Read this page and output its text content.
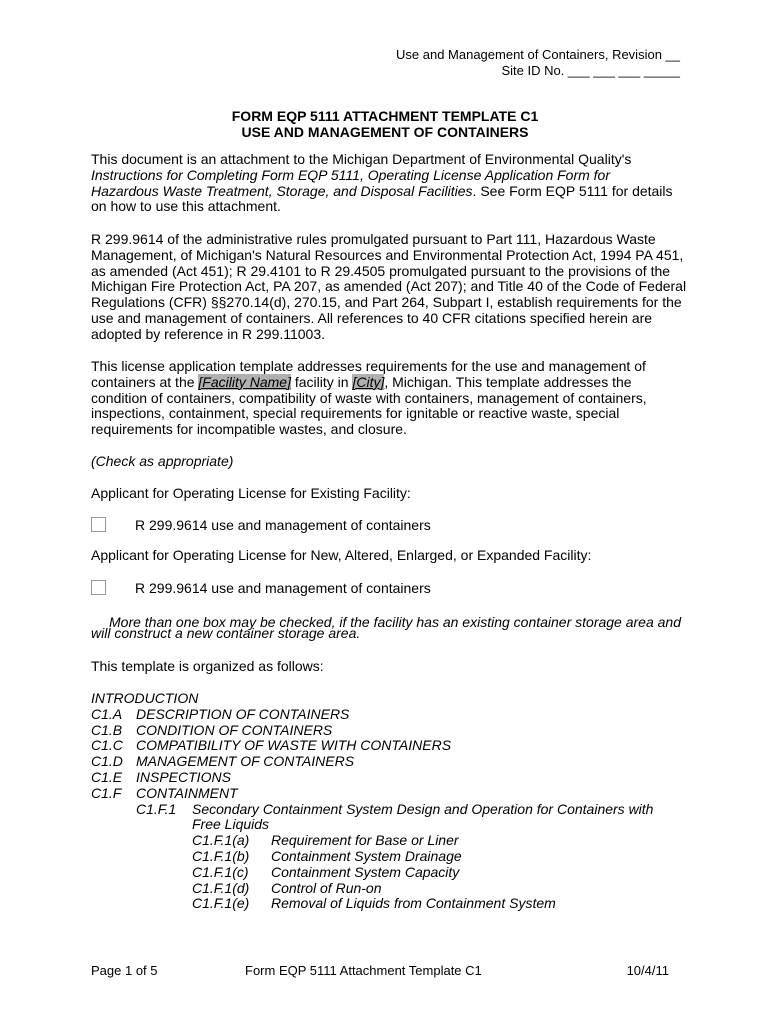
Use and Management of Containers, Revision __
Site ID No. ___ ___ ___ _____
FORM EQP 5111 ATTACHMENT TEMPLATE C1
USE AND MANAGEMENT OF CONTAINERS
This document is an attachment to the Michigan Department of Environmental Quality's Instructions for Completing Form EQP 5111, Operating License Application Form for Hazardous Waste Treatment, Storage, and Disposal Facilities. See Form EQP 5111 for details on how to use this attachment.
R 299.9614 of the administrative rules promulgated pursuant to Part 111, Hazardous Waste Management, of Michigan's Natural Resources and Environmental Protection Act, 1994 PA 451, as amended (Act 451); R 29.4101 to R 29.4505 promulgated pursuant to the provisions of the Michigan Fire Protection Act, PA 207, as amended (Act 207); and Title 40 of the Code of Federal Regulations (CFR) §§270.14(d), 270.15, and Part 264, Subpart I, establish requirements for the use and management of containers. All references to 40 CFR citations specified herein are adopted by reference in R 299.11003.
This license application template addresses requirements for the use and management of containers at the [Facility Name] facility in [City], Michigan. This template addresses the condition of containers, compatibility of waste with containers, management of containers, inspections, containment, special requirements for ignitable or reactive waste, special requirements for incompatible wastes, and closure.
(Check as appropriate)
Applicant for Operating License for Existing Facility:
R 299.9614 use and management of containers
Applicant for Operating License for New, Altered, Enlarged, or Expanded Facility:
R 299.9614 use and management of containers
More than one box may be checked, if the facility has an existing container storage area and will construct a new container storage area.
This template is organized as follows:
INTRODUCTION
C1.A DESCRIPTION OF CONTAINERS
C1.B CONDITION OF CONTAINERS
C1.C COMPATIBILITY OF WASTE WITH CONTAINERS
C1.D MANAGEMENT OF CONTAINERS
C1.E INSPECTIONS
C1.F CONTAINMENT
C1.F.1 Secondary Containment System Design and Operation for Containers with
Free Liquids
C1.F.1(a) Requirement for Base or Liner
C1.F.1(b) Containment System Drainage
C1.F.1(c) Containment System Capacity
C1.F.1(d) Control of Run-on
C1.F.1(e) Removal of Liquids from Containment System
Page 1 of 5	Form EQP 5111 Attachment Template C1	10/4/11
